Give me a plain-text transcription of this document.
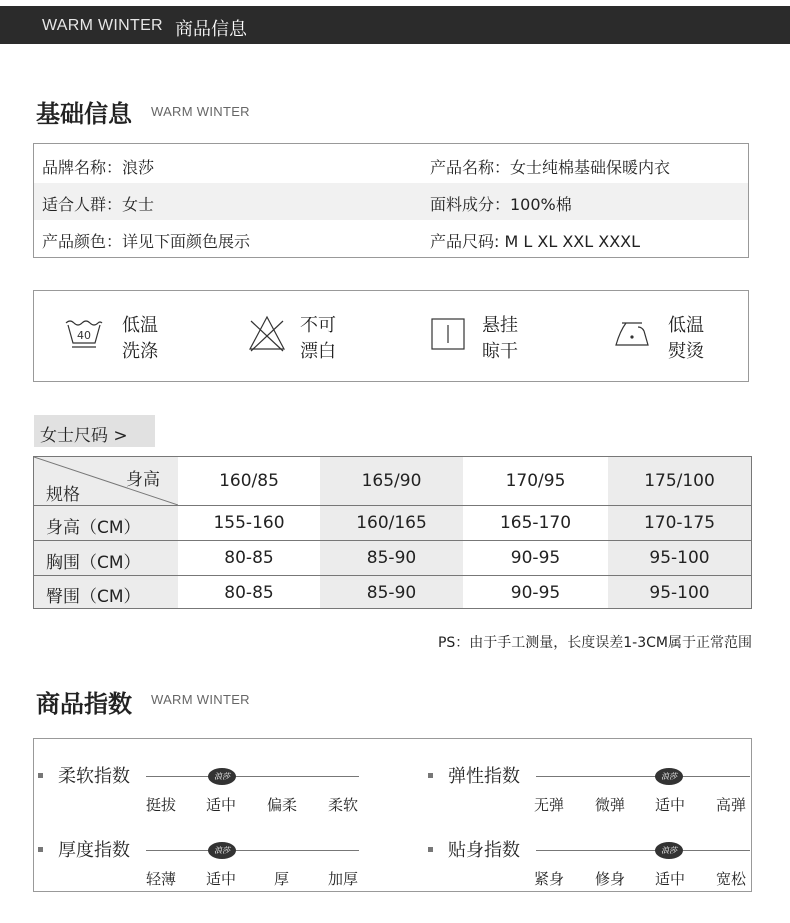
WARM WINTER 商品信息
基础信息 WARM WINTER
品牌名称：浪莎	产品名称：女士纯棉基础保暖内衣
适合人群：女士	面料成分：100%棉
产品颜色：详见下面颜色展示	产品尺码: M L XL XXL XXXL
40 低温
洗涤
不可
漂白
悬挂
晾干
低温
熨烫
女士尺码 >
身高
规格
160/85	165/90	170/95	175/100
身高（CM）	155-160	160/165	165-170	170-175
胸围（CM）	80-85	85-90	90-95	95-100
臀围（CM）	80-85	85-90	90-95	95-100
PS：由于手工测量，长度误差1-3CM属于正常范围
商品指数 WARM WINTER
柔软指数	浪莎
挺拔 适中 偏柔 柔软
弹性指数	浪莎
无弹 微弹 适中 高弹
厚度指数	浪莎
轻薄 适中	厚	加厚
贴身指数	浪莎
紧身 修身 适中 宽松
